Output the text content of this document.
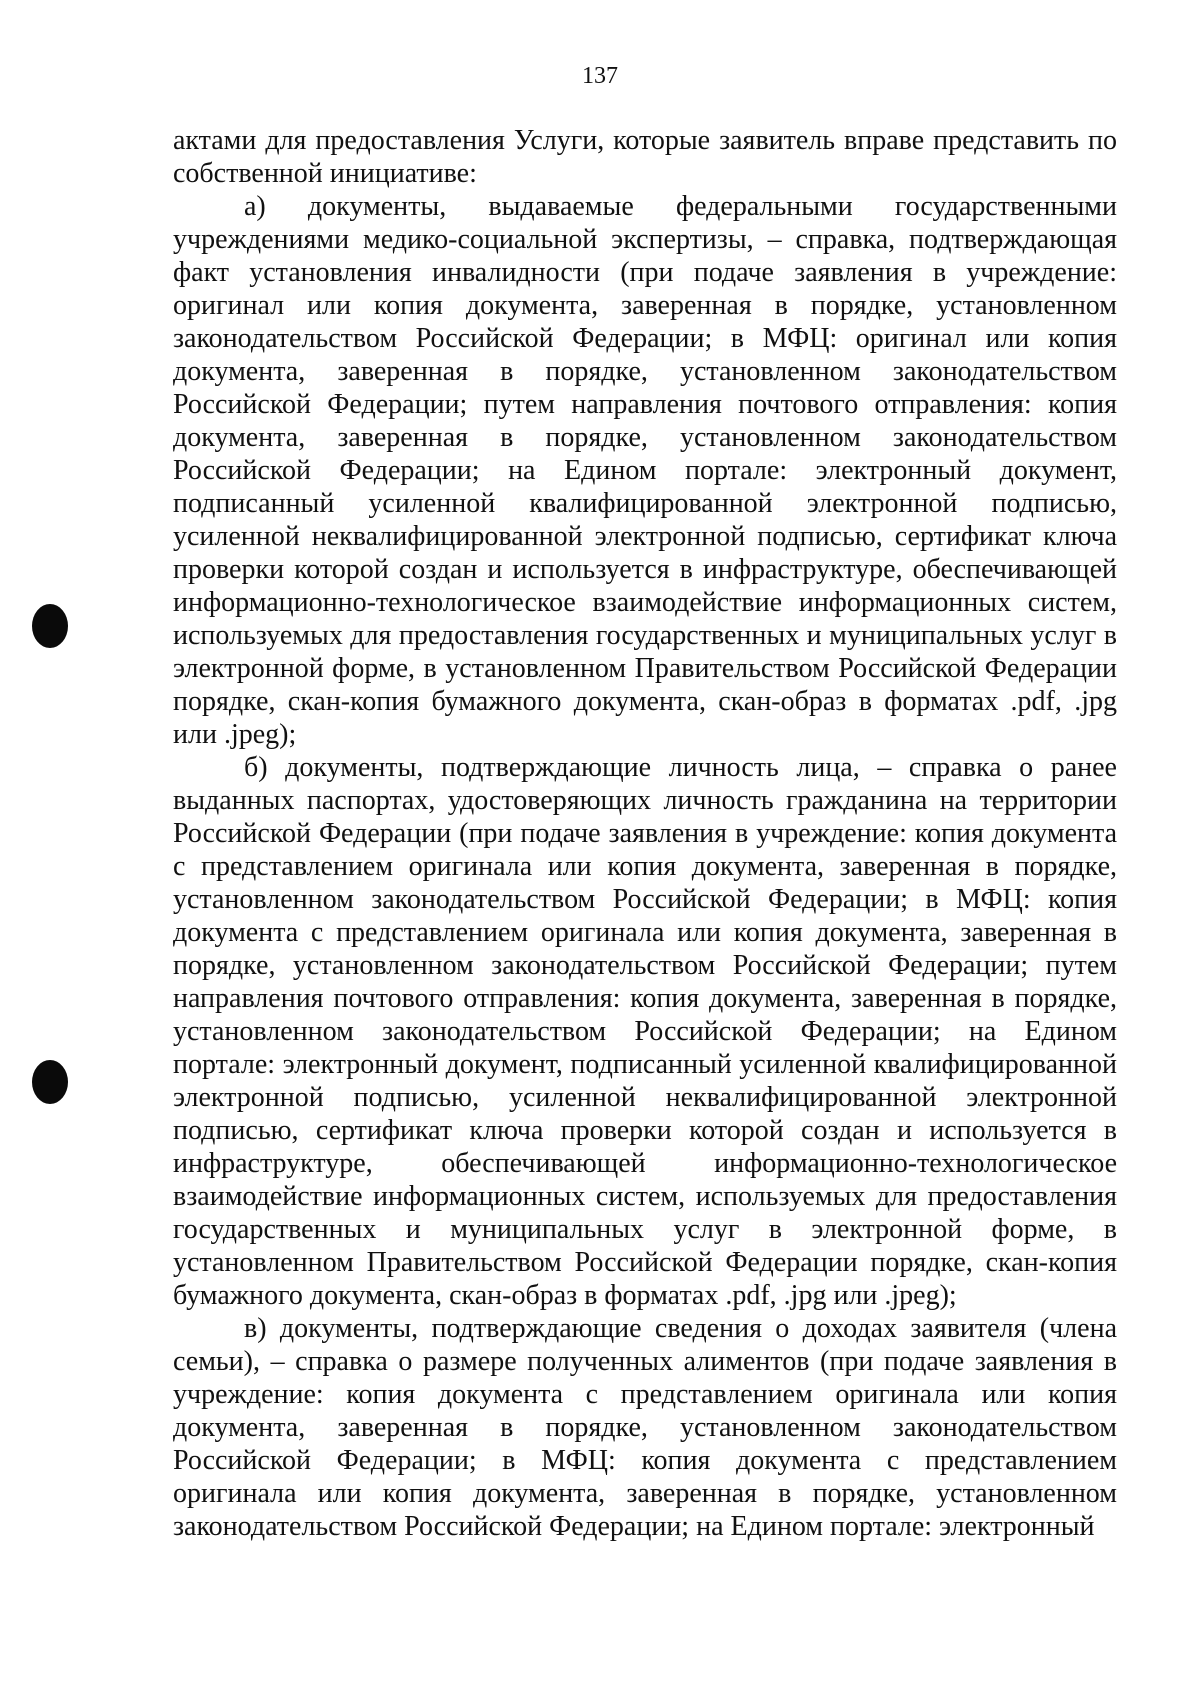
137

актами для предоставления Услуги, которые заявитель вправе представить по собственной инициативе:

а) документы, выдаваемые федеральными государственными учреждениями медико-социальной экспертизы, – справка, подтверждающая факт установления инвалидности (при подаче заявления в учреждение: оригинал или копия документа, заверенная в порядке, установленном законодательством Российской Федерации; в МФЦ: оригинал или копия документа, заверенная в порядке, установленном законодательством Российской Федерации; путем направления почтового отправления: копия документа, заверенная в порядке, установленном законодательством Российской Федерации; на Едином портале: электронный документ, подписанный усиленной квалифицированной электронной подписью, усиленной неквалифицированной электронной подписью, сертификат ключа проверки которой создан и используется в инфраструктуре, обеспечивающей информационно-технологическое взаимодействие информационных систем, используемых для предоставления государственных и муниципальных услуг в электронной форме, в установленном Правительством Российской Федерации порядке, скан-копия бумажного документа, скан-образ в форматах .pdf, .jpg или .jpeg);

б) документы, подтверждающие личность лица, – справка о ранее выданных паспортах, удостоверяющих личность гражданина на территории Российской Федерации (при подаче заявления в учреждение: копия документа с представлением оригинала или копия документа, заверенная в порядке, установленном законодательством Российской Федерации; в МФЦ: копия документа с представлением оригинала или копия документа, заверенная в порядке, установленном законодательством Российской Федерации; путем направления почтового отправления: копия документа, заверенная в порядке, установленном законодательством Российской Федерации; на Едином портале: электронный документ, подписанный усиленной квалифицированной электронной подписью, усиленной неквалифицированной электронной подписью, сертификат ключа проверки которой создан и используется в инфраструктуре, обеспечивающей информационно-технологическое взаимодействие информационных систем, используемых для предоставления государственных и муниципальных услуг в электронной форме, в установленном Правительством Российской Федерации порядке, скан-копия бумажного документа, скан-образ в форматах .pdf, .jpg или .jpeg);

в) документы, подтверждающие сведения о доходах заявителя (члена семьи), – справка о размере полученных алиментов (при подаче заявления в учреждение: копия документа с представлением оригинала или копия документа, заверенная в порядке, установленном законодательством Российской Федерации; в МФЦ: копия документа с представлением оригинала или копия документа, заверенная в порядке, установленном законодательством Российской Федерации; на Едином портале: электронный
